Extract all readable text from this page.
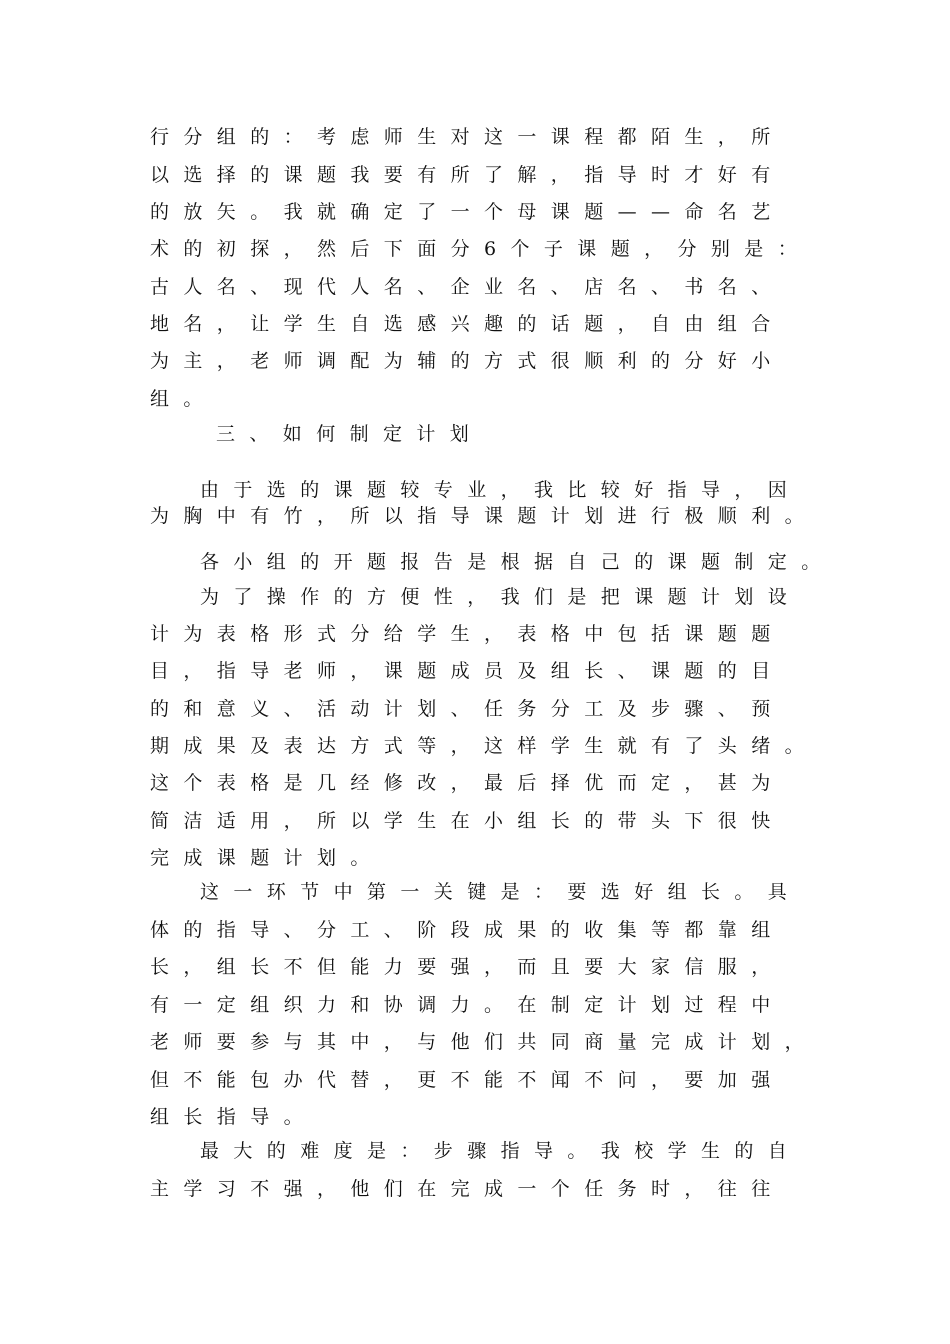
行分组的：考虑师生对这一课程都陌生，所

以选择的课题我要有所了解，指导时才好有

的放矢。我就确定了一个母课题——命名艺

术的初探，然后下面分6个子课题，分别是：

古人名、现代人名、企业名、店名、书名、

地名，让学生自选感兴趣的话题，自由组合

为主，老师调配为辅的方式很顺利的分好小

组。

三、如何制定计划

由于选的课题较专业，我比较好指导，因

为胸中有竹，所以指导课题计划进行极顺利。

各小组的开题报告是根据自己的课题制定。

为了操作的方便性，我们是把课题计划设

计为表格形式分给学生，表格中包括课题题

目，指导老师，课题成员及组长、课题的目

的和意义、活动计划、任务分工及步骤、预

期成果及表达方式等，这样学生就有了头绪。

这个表格是几经修改，最后择优而定，甚为

简洁适用，所以学生在小组长的带头下很快

完成课题计划。

这一环节中第一关键是：要选好组长。具

体的指导、分工、阶段成果的收集等都靠组

长，组长不但能力要强，而且要大家信服，

有一定组织力和协调力。在制定计划过程中

老师要参与其中，与他们共同商量完成计划，

但不能包办代替，更不能不闻不问，要加强

组长指导。

最大的难度是：步骤指导。我校学生的自

主学习不强，他们在完成一个任务时，往往
